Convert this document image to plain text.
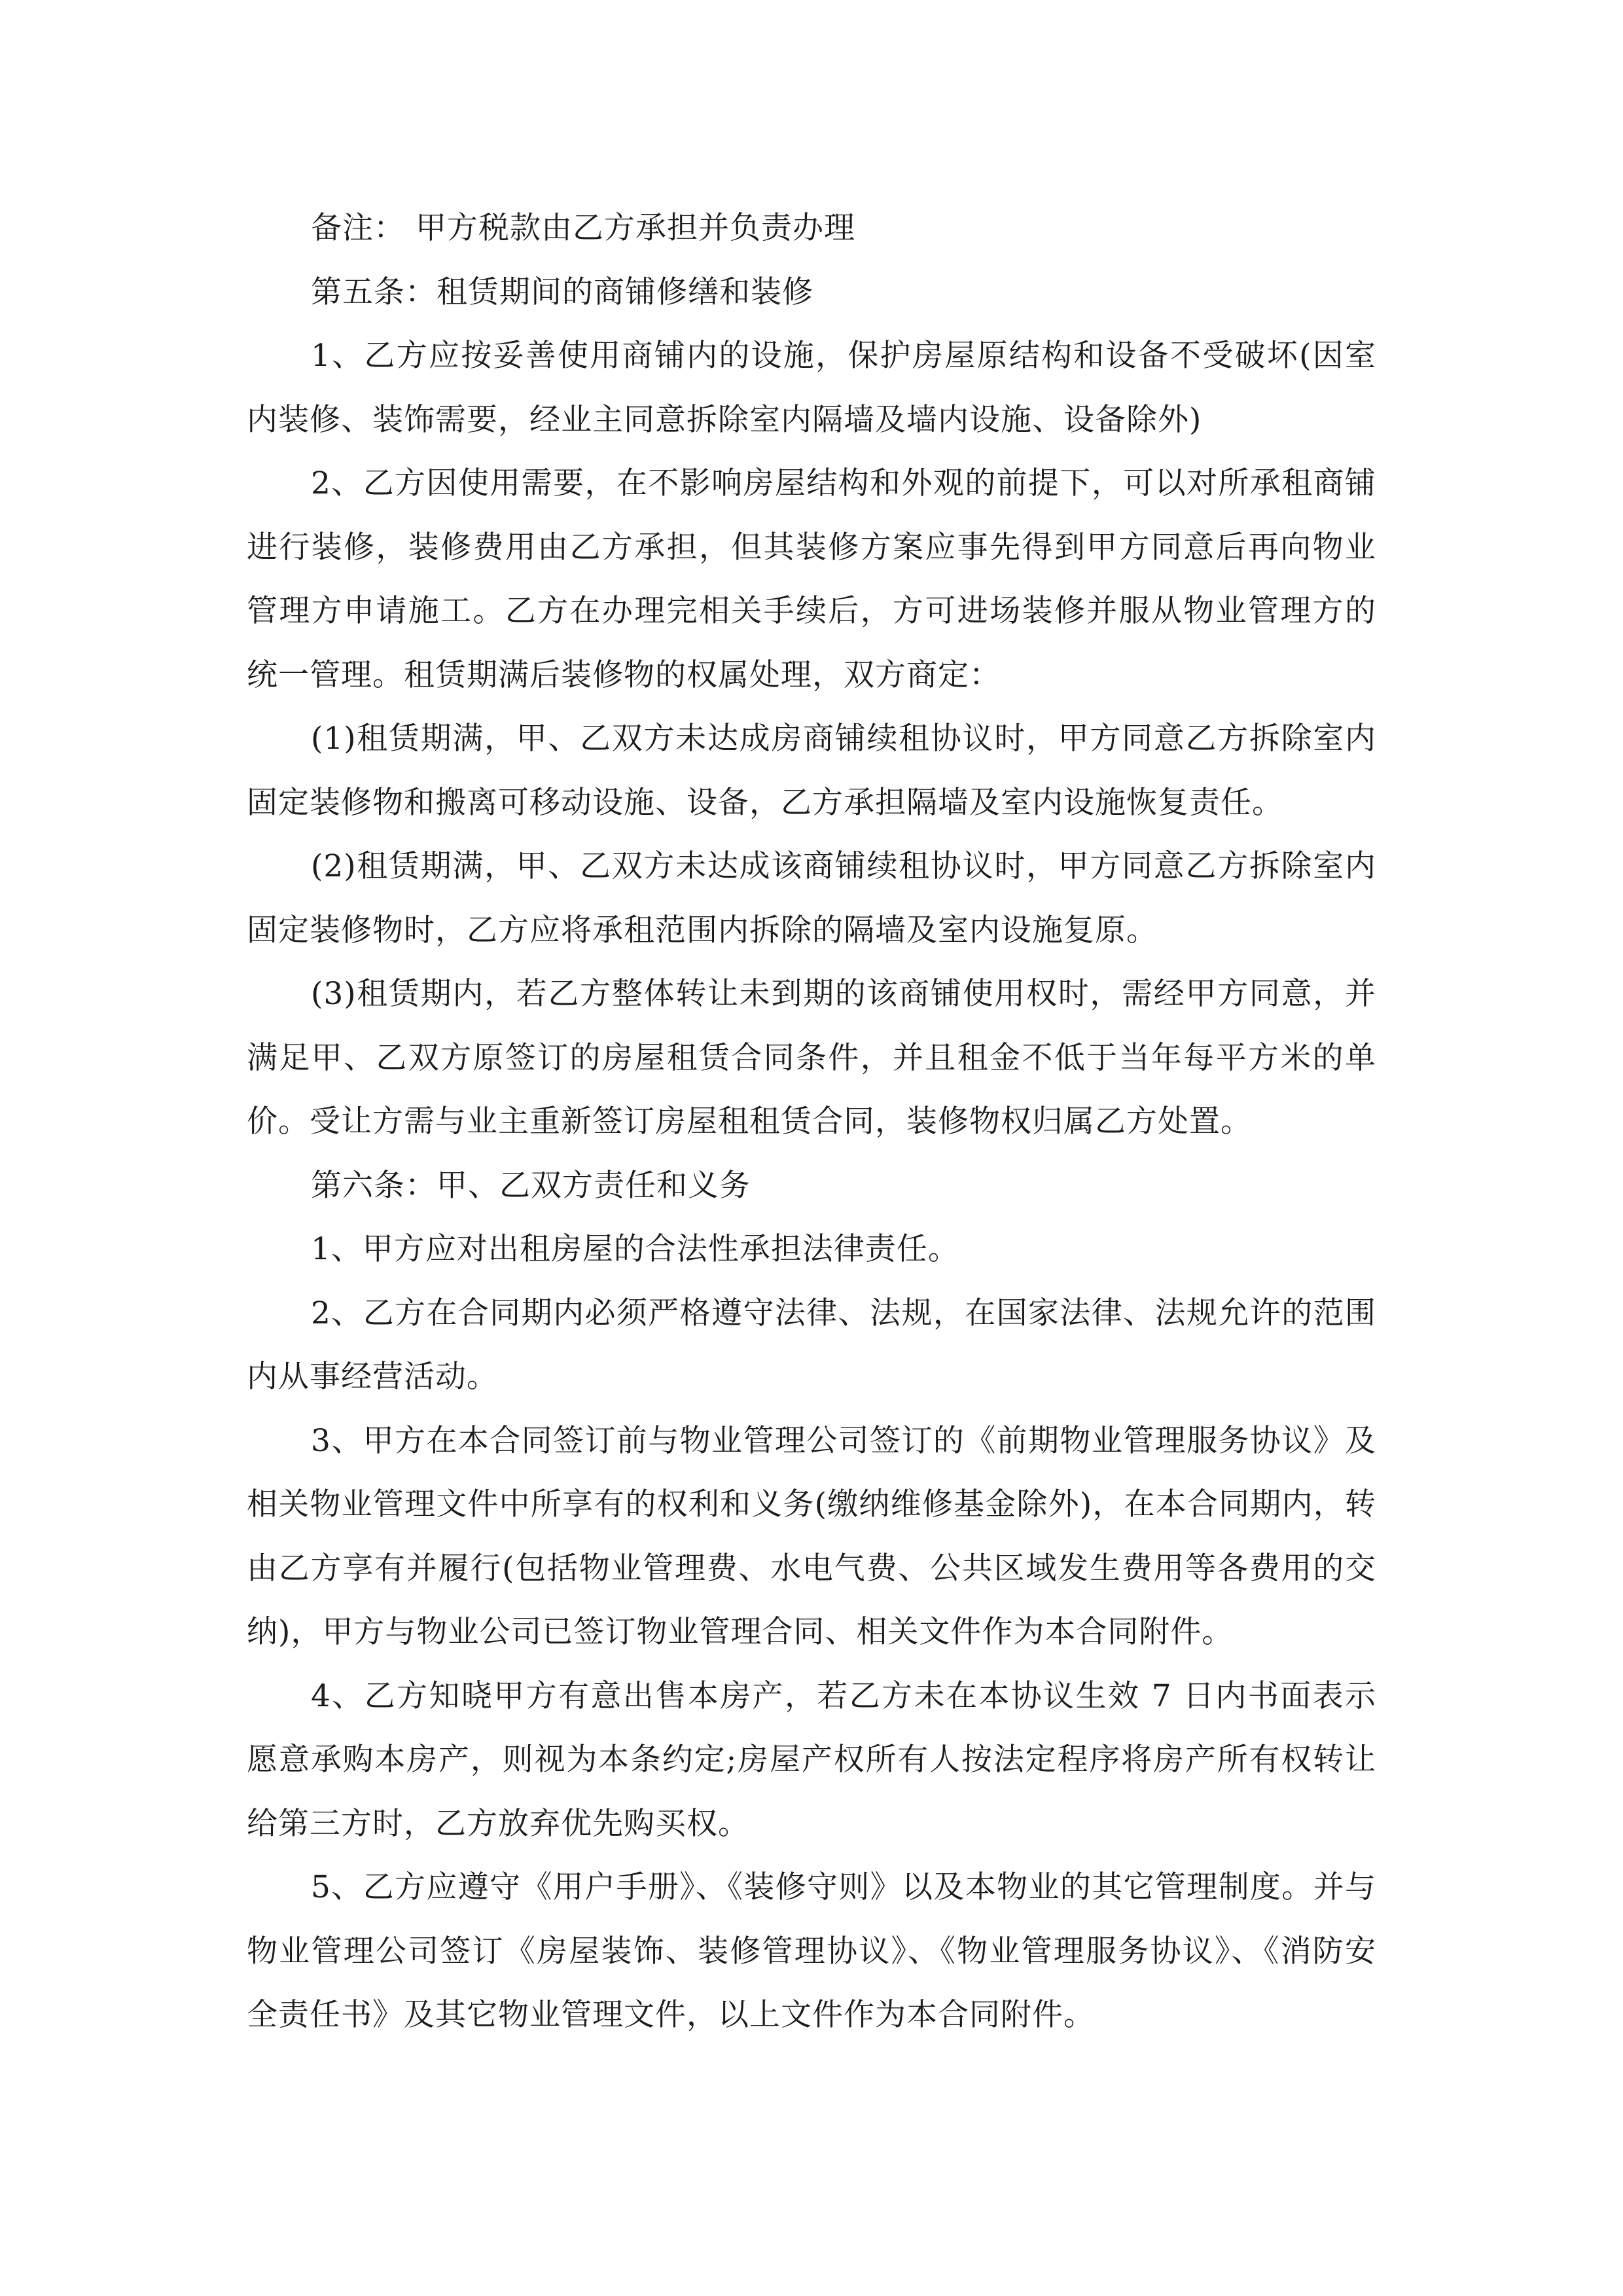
备注： 甲方税款由乙方承担并负责办理

第五条：租赁期间的商铺修缮和装修

1、乙方应按妥善使用商铺内的设施，保护房屋原结构和设备不受破坏(因室内装修、装饰需要，经业主同意拆除室内隔墙及墙内设施、设备除外)

2、乙方因使用需要，在不影响房屋结构和外观的前提下，可以对所承租商铺进行装修，装修费用由乙方承担，但其装修方案应事先得到甲方同意后再向物业管理方申请施工。乙方在办理完相关手续后，方可进场装修并服从物业管理方的统一管理。租赁期满后装修物的权属处理，双方商定：

(1)租赁期满，甲、乙双方未达成房商铺续租协议时，甲方同意乙方拆除室内固定装修物和搬离可移动设施、设备，乙方承担隔墙及室内设施恢复责任。

(2)租赁期满，甲、乙双方未达成该商铺续租协议时，甲方同意乙方拆除室内固定装修物时，乙方应将承租范围内拆除的隔墙及室内设施复原。

(3)租赁期内，若乙方整体转让未到期的该商铺使用权时，需经甲方同意，并满足甲、乙双方原签订的房屋租赁合同条件，并且租金不低于当年每平方米的单价。受让方需与业主重新签订房屋租租赁合同，装修物权归属乙方处置。

第六条：甲、乙双方责任和义务

1、甲方应对出租房屋的合法性承担法律责任。

2、乙方在合同期内必须严格遵守法律、法规，在国家法律、法规允许的范围内从事经营活动。

3、甲方在本合同签订前与物业管理公司签订的《前期物业管理服务协议》及相关物业管理文件中所享有的权利和义务(缴纳维修基金除外)，在本合同期内，转由乙方享有并履行(包括物业管理费、水电气费、公共区域发生费用等各费用的交纳)，甲方与物业公司已签订物业管理合同、相关文件作为本合同附件。

4、乙方知晓甲方有意出售本房产，若乙方未在本协议生效 7 日内书面表示愿意承购本房产，则视为本条约定;房屋产权所有人按法定程序将房产所有权转让给第三方时，乙方放弃优先购买权。

5、乙方应遵守《用户手册》、《装修守则》以及本物业的其它管理制度。并与物业管理公司签订《房屋装饰、装修管理协议》、《物业管理服务协议》、《消防安全责任书》及其它物业管理文件，以上文件作为本合同附件。
